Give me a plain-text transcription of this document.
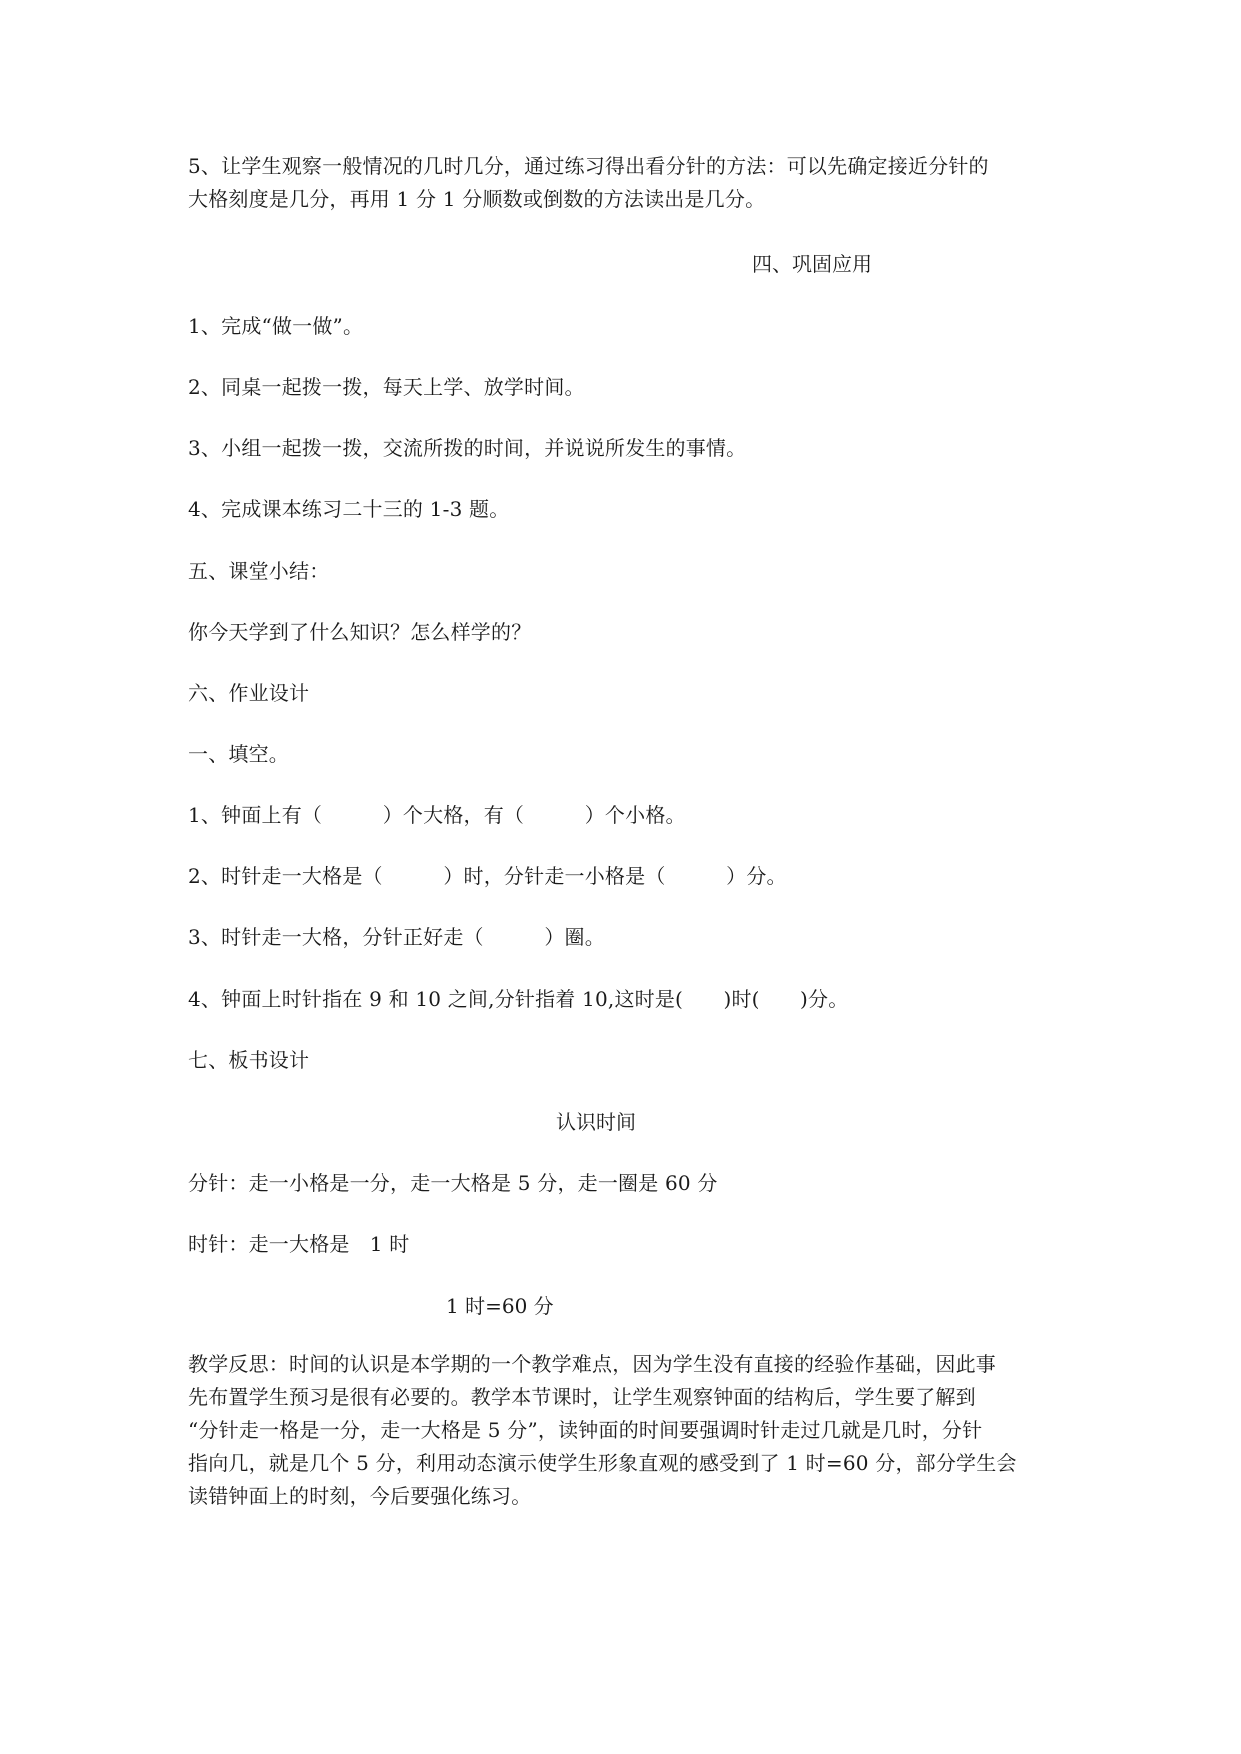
5、让学生观察一般情况的几时几分，通过练习得出看分针的方法：可以先确定接近分针的
大格刻度是几分，再用 1 分 1 分顺数或倒数的方法读出是几分。
四、巩固应用
1、完成“做一做”。
2、同桌一起拨一拨，每天上学、放学时间。
3、小组一起拨一拨，交流所拨的时间，并说说所发生的事情。
4、完成课本练习二十三的 1-3 题。
五、课堂小结：
你今天学到了什么知识？怎么样学的？
六、作业设计
一、填空。
1、钟面上有（　　　）个大格，有（　　　）个小格。
2、时针走一大格是（　　　）时，分针走一小格是（　　　）分。
3、时针走一大格，分针正好走（　　　）圈。
4、钟面上时针指在 9 和 10 之间,分针指着 10,这时是(　　)时(　　)分。
七、板书设计
认识时间
分针：走一小格是一分，走一大格是 5 分，走一圈是 60 分
时针：走一大格是　1 时
1 时=60 分
教学反思：时间的认识是本学期的一个教学难点，因为学生没有直接的经验作基础，因此事
先布置学生预习是很有必要的。教学本节课时，让学生观察钟面的结构后，学生要了解到
“分针走一格是一分，走一大格是 5 分”，读钟面的时间要强调时针走过几就是几时，分针
指向几，就是几个 5 分，利用动态演示使学生形象直观的感受到了 1 时=60 分，部分学生会
读错钟面上的时刻，今后要强化练习。
